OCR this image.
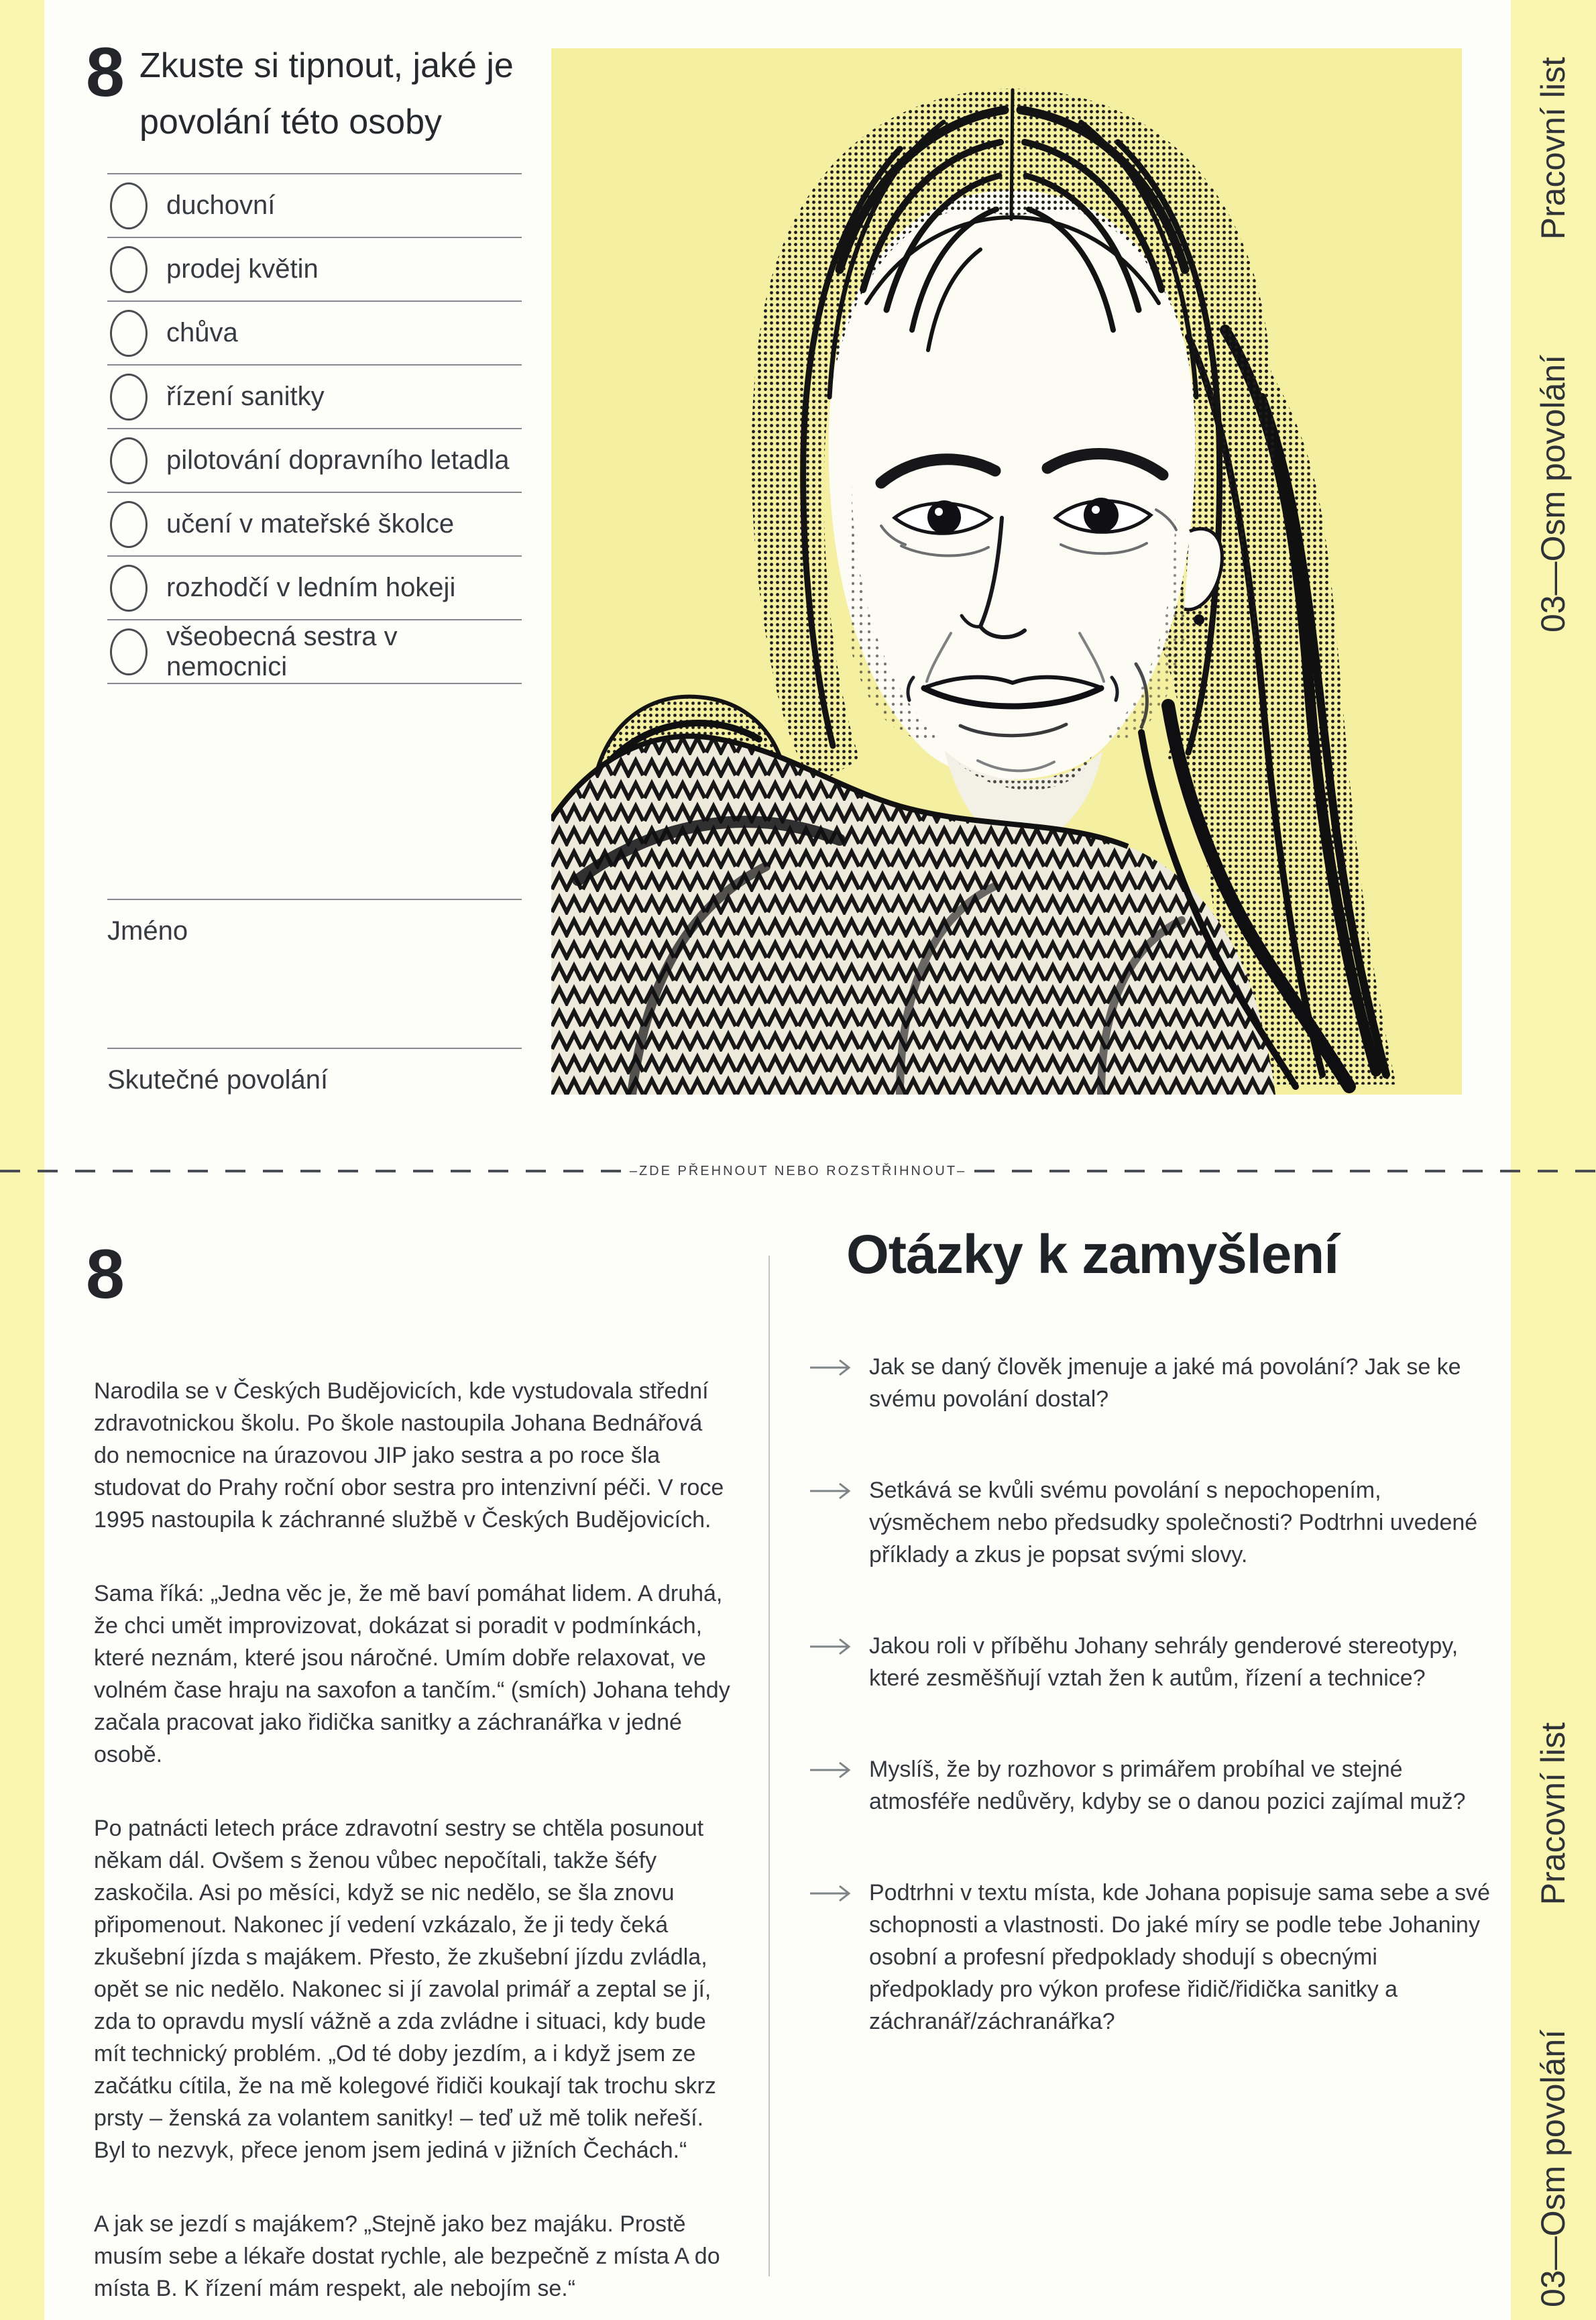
03—Osm povolání
Pracovní list
03—Osm povolání
Pracovní list
8 Zkuste si tipnout, jaké je povolání této osoby
duchovní
prodej květin
chůva
řízení sanitky
pilotování dopravního letadla
učení v mateřské školce
rozhodčí v ledním hokeji
všeobecná sestra v nemocnici
Jméno
Skutečné povolání
–ZDE PŘEHNOUT NEBO ROZSTŘIHNOUT–
8

Narodila se v Českých Budějovicích, kde vystudovala střední zdravotnickou školu. Po škole nastoupila Johana Bednářová do nemocnice na úrazovou JIP jako sestra a po roce šla studovat do Prahy roční obor sestra pro intenzivní péči. V roce 1995 nastoupila k záchranné službě v Českých Budějovicích.

Sama říká: „Jedna věc je, že mě baví pomáhat lidem. A druhá, že chci umět improvizovat, dokázat si poradit v podmínkách, které neznám, které jsou náročné. Umím dobře relaxovat, ve volném čase hraju na saxofon a tančím.“ (smích) Johana tehdy začala pracovat jako řidička sanitky a záchranářka v jedné osobě.

Po patnácti letech práce zdravotní sestry se chtěla posunout někam dál. Ovšem s ženou vůbec nepočítali, takže šéfy zaskočila. Asi po měsíci, když se nic nedělo, se šla znovu připomenout. Nakonec jí vedení vzkázalo, že ji tedy čeká zkušební jízda s majákem. Přesto, že zkušební jízdu zvládla, opět se nic nedělo. Nakonec si jí zavolal primář a zeptal se jí, zda to opravdu myslí vážně a zda zvládne i situaci, kdy bude mít technický problém. „Od té doby jezdím, a i když jsem ze začátku cítila, že na mě kolegové řidiči koukají tak trochu skrz prsty – ženská za volantem sanitky! – teď už mě tolik neřeší. Byl to nezvyk, přece jenom jsem jediná v jižních Čechách.“

A jak se jezdí s majákem? „Stejně jako bez majáku. Prostě musím sebe a lékaře dostat rychle, ale bezpečně z místa A do místa B. K řízení mám respekt, ale nebojím se.“

Otázky k zamyšlení
Jak se daný člověk jmenuje a jaké má povolání? Jak se ke svému povolání dostal?
Setkává se kvůli svému povolání s nepochopením, výsměchem nebo předsudky společnosti? Podtrhni uvedené příklady a zkus je popsat svými slovy.
Jakou roli v příběhu Johany sehrály genderové stereotypy, které zesměšňují vztah žen k autům, řízení a technice?
Myslíš, že by rozhovor s primářem probíhal ve stejné atmosféře nedůvěry, kdyby se o danou pozici zajímal muž?
Podtrhni v textu místa, kde Johana popisuje sama sebe a své schopnosti a vlastnosti. Do jaké míry se podle tebe Johaniny osobní a profesní předpoklady shodují s obecnými předpoklady pro výkon profese řidič/řidička sanitky a záchranář/záchranářka?
